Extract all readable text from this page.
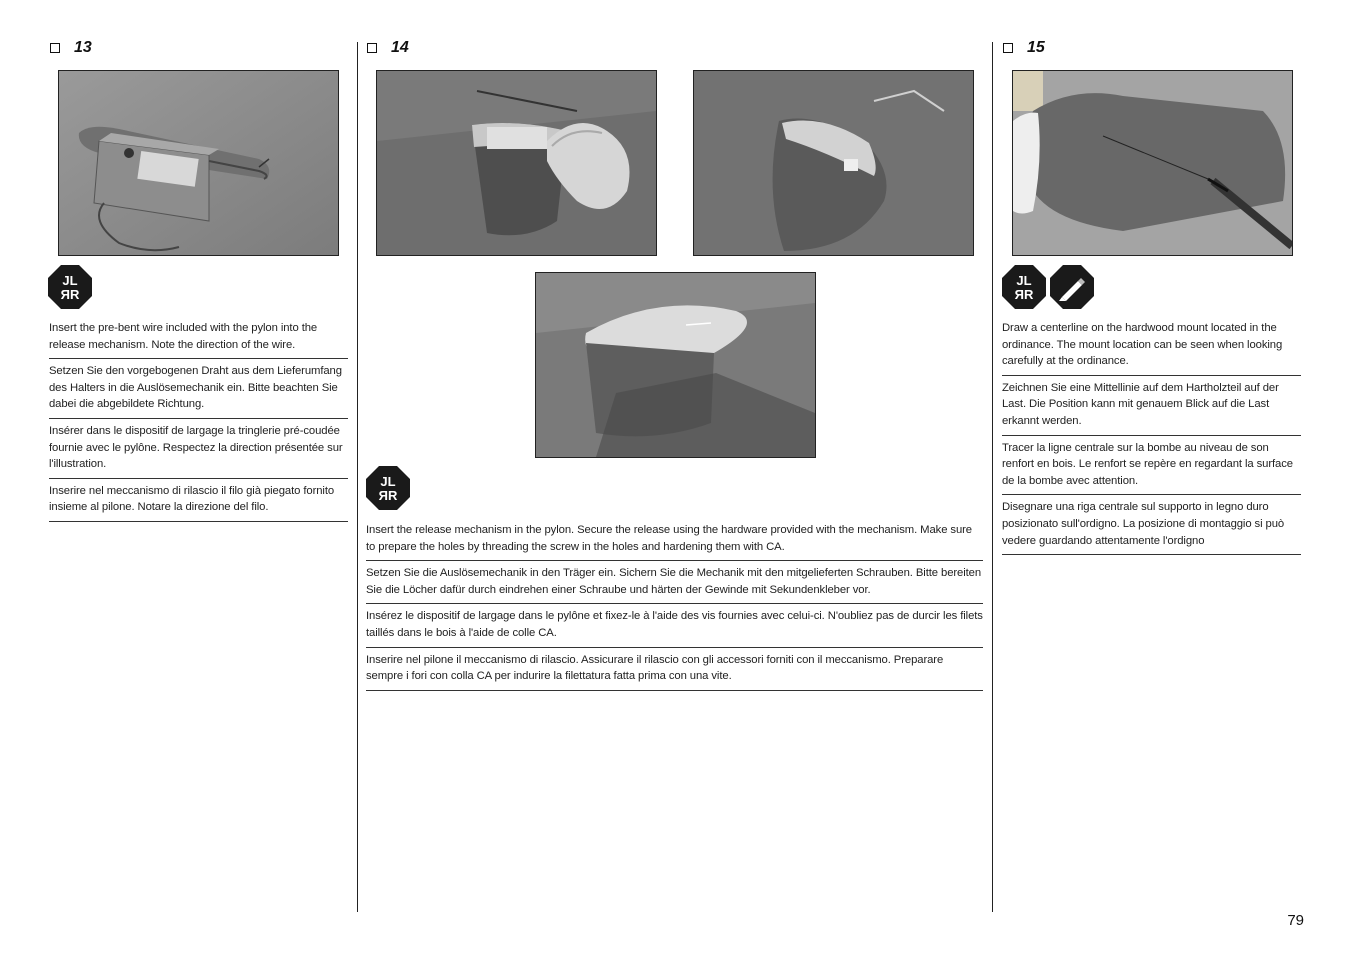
13	14	15
JL
ЯR
JL
ЯR
JL
ЯR
Insert the pre-bent wire included with the pylon into the release mechanism. Note the direction of the wire.
Setzen Sie den vorgebogenen Draht aus dem Lieferumfang des Halters in die Auslösemechanik ein. Bitte beachten Sie dabei die abgebildete Richtung.
Insérer dans le dispositif de largage la tringlerie pré-coudée fournie avec le pylône. Respectez la direction présentée sur l'illustration.
Inserire nel meccanismo di rilascio il filo già piegato fornito insieme al pilone. Notare la direzione del filo.
Insert the release mechanism in the pylon. Secure the release using the hardware provided with the mechanism. Make sure to prepare the holes by threading the screw in the holes and hardening them with CA.
Setzen Sie die Auslösemechanik in den Träger ein. Sichern Sie die Mechanik mit den mitgelieferten Schrauben. Bitte bereiten Sie die Löcher dafür durch eindrehen einer Schraube und härten der Gewinde mit Sekundenkleber vor.
Insérez le dispositif de largage dans le pylône et fixez-le à l'aide des vis fournies avec celui-ci. N'oubliez pas de durcir les filets taillés dans le bois à l'aide de colle CA.
Inserire nel pilone il meccanismo di rilascio. Assicurare il rilascio con gli accessori forniti con il meccanismo. Preparare sempre i fori con colla CA per indurire la filettatura fatta prima con una vite.
Draw a centerline on the hardwood mount located in the ordinance. The mount location can be seen when looking carefully at the ordinance.
Zeichnen Sie eine Mittellinie auf dem Hartholzteil auf der Last. Die Position kann mit genauem Blick auf die Last erkannt werden.
Tracer la ligne centrale sur la bombe au niveau de son renfort en bois. Le renfort se repère en regardant la surface de la bombe avec attention.
Disegnare una riga centrale sul supporto in legno duro posizionato sull'ordigno. La posizione di montaggio si può vedere guardando attentamente l'ordigno
79
